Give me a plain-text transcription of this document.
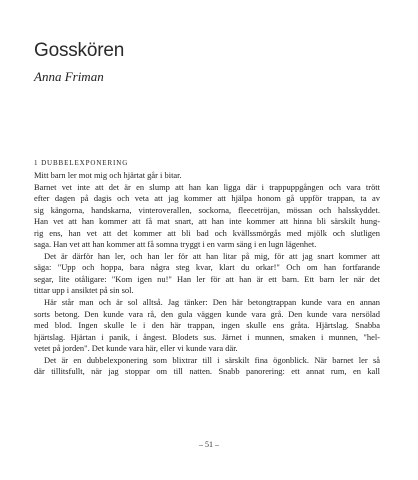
Gosskören

Anna Friman

1 DUBBELEXPONERING

Mitt barn ler mot mig och hjärtat går i bitar.
Barnet vet inte att det är en slump att han kan ligga där i trappuppgången och vara trött
efter dagen på dagis och veta att jag kommer att hjälpa honom gå uppför trappan, ta av
sig kängorna, handskarna, vinteroverallen, sockorna, fleecetröjan, mössan och halsskyddet.
Han vet att han kommer att få mat snart, att han inte kommer att hinna bli särskilt hung-
rig ens, han vet att det kommer att bli bad och kvällssmörgås med mjölk och slutligen
saga. Han vet att han kommer att få somna tryggt i en varm säng i en lugn lägenhet.
Det är därför han ler, och han ler för att han litar på mig, för att jag snart kommer att
säga: "Upp och hoppa, bara några steg kvar, klart du orkar!" Och om han fortfarande
segar, lite otåligare: "Kom igen nu!" Han ler för att han är ett barn. Ett barn ler när det
tittar upp i ansiktet på sin sol.
Här står man och är sol alltså. Jag tänker: Den här betongtrappan kunde vara en annan
sorts betong. Den kunde vara rå, den gula väggen kunde vara grå. Den kunde vara nersölad
med blod. Ingen skulle le i den här trappan, ingen skulle ens gråta. Hjärtslag. Snabba
hjärtslag. Hjärtan i panik, i ångest. Blodets sus. Järnet i munnen, smaken i munnen, "hel-
vetet på jorden". Det kunde vara här, eller vi kunde vara där.
Det är en dubbelexponering som blixtrar till i särskilt fina ögonblick. När barnet ler så
där tillitsfullt, när jag stoppar om till natten. Snabb panorering: ett annat rum, en kall

– 51 –
